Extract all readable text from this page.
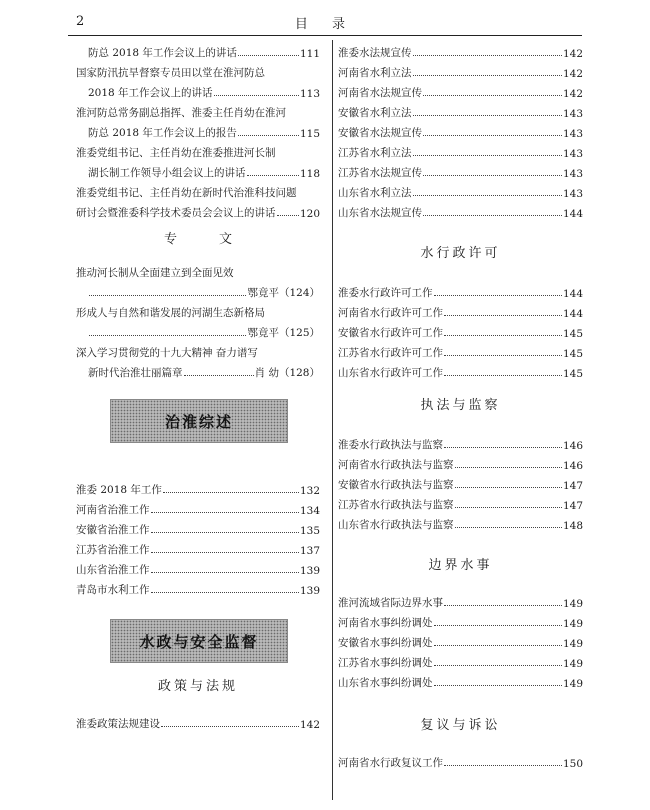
2	目 录
防总 2018 年工作会议上的讲话	111
国家防汛抗旱督察专员田以堂在淮河防总
2018 年工作会议上的讲话	113
淮河防总常务副总指挥、淮委主任肖幼在淮河
防总 2018 年工作会议上的报告	115
淮委党组书记、主任肖幼在淮委推进河长制
湖长制工作领导小组会议上的讲话	118
淮委党组书记、主任肖幼在新时代治淮科技问题
研讨会暨淮委科学技术委员会会议上的讲话 120
专文
推动河长制从全面建立到全面见效
鄂竟平（124）
形成人与自然和谐发展的河湖生态新格局
鄂竟平（125）
深入学习贯彻党的十九大精神 奋力谱写
新时代治淮壮丽篇章	肖 幼（128）
治淮综述
淮委 2018 年工作	132
河南省治淮工作	134
安徽省治淮工作	135
江苏省治淮工作	137
山东省治淮工作	139
青岛市水利工作	139
水政与安全监督
政策与法规
淮委政策法规建设	142
淮委水法规宣传	142
河南省水利立法	142
河南省水法规宣传	142
安徽省水利立法	143
安徽省水法规宣传	143
江苏省水利立法	143
江苏省水法规宣传	143
山东省水利立法	143
山东省水法规宣传	144
水行政许可
淮委水行政许可工作	144
河南省水行政许可工作	144
安徽省水行政许可工作	145
江苏省水行政许可工作	145
山东省水行政许可工作	145
执法与监察
淮委水行政执法与监察	146
河南省水行政执法与监察	146
安徽省水行政执法与监察	147
江苏省水行政执法与监察	147
山东省水行政执法与监察	148
边界水事
淮河流域省际边界水事	149
河南省水事纠纷调处	149
安徽省水事纠纷调处	149
江苏省水事纠纷调处	149
山东省水事纠纷调处	149
复议与诉讼
河南省水行政复议工作	150
